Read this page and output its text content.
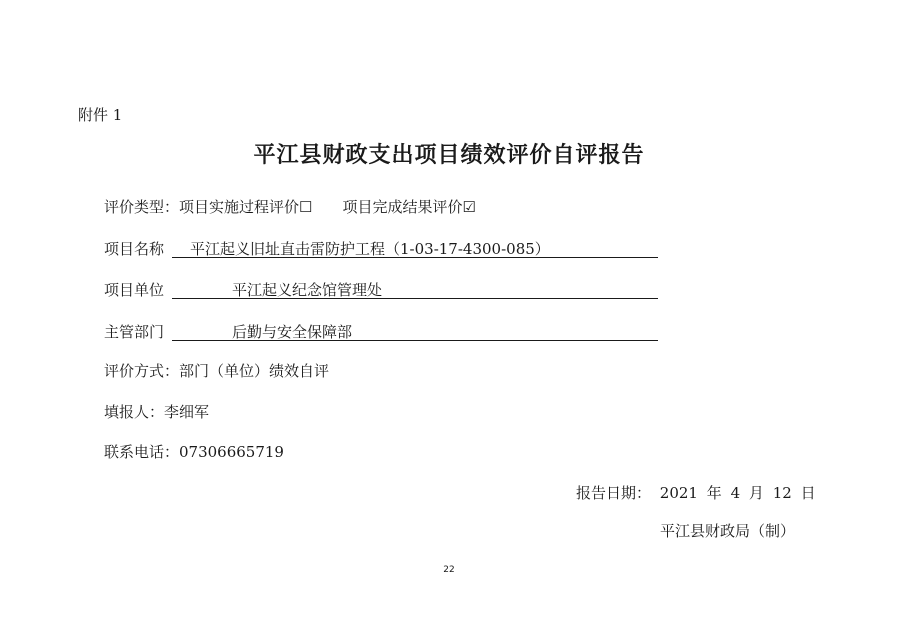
附件 1
平江县财政支出项目绩效评价自评报告
评价类型：项目实施过程评价☐ 项目完成结果评价☑
项目名称 平江起义旧址直击雷防护工程（1-03-17-4300-085）
项目单位	平江起义纪念馆管理处
主管部门	后勤与安全保障部
评价方式：部门（单位）绩效自评
填报人：李细军
联系电话：07306665719
报告日期： 2021 年 4 月 12 日
平江县财政局（制）
22
